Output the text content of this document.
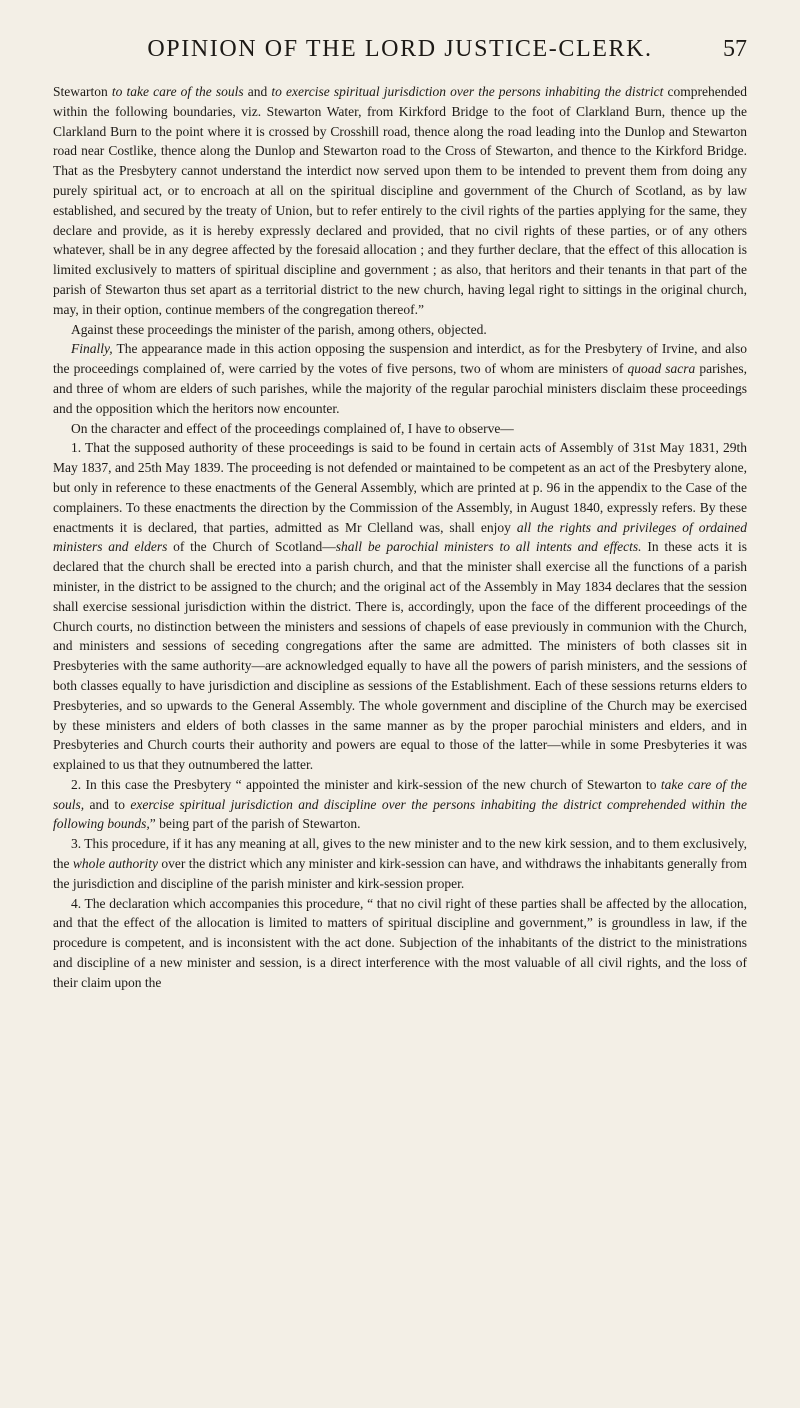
OPINION OF THE LORD JUSTICE-CLERK.	57

Stewarton to take care of the souls and to exercise spiritual jurisdiction over the persons inhabiting the district comprehended within the following boundaries, viz. Stewarton Water, from Kirkford Bridge to the foot of Clarkland Burn, thence up the Clarkland Burn to the point where it is crossed by Crosshill road, thence along the road leading into the Dunlop and Stewarton road near Costlike, thence along the Dunlop and Stewarton road to the Cross of Stewarton, and thence to the Kirkford Bridge. That as the Presbytery cannot understand the interdict now served upon them to be intended to prevent them from doing any purely spiritual act, or to encroach at all on the spiritual discipline and government of the Church of Scotland, as by law established, and secured by the treaty of Union, but to refer entirely to the civil rights of the parties applying for the same, they declare and provide, as it is hereby expressly declared and provided, that no civil rights of these parties, or of any others whatever, shall be in any degree affected by the foresaid allocation ; and they further declare, that the effect of this allocation is limited exclusively to matters of spiritual discipline and government ; as also, that heritors and their tenants in that part of the parish of Stewarton thus set apart as a territorial district to the new church, having legal right to sittings in the original church, may, in their option, continue members of the congregation thereof.”

Against these proceedings the minister of the parish, among others, objected.

Finally, The appearance made in this action opposing the suspension and interdict, as for the Presbytery of Irvine, and also the proceedings complained of, were carried by the votes of five persons, two of whom are ministers of quoad sacra parishes, and three of whom are elders of such parishes, while the majority of the regular parochial ministers disclaim these proceedings and the opposition which the heritors now encounter.

On the character and effect of the proceedings complained of, I have to observe—

1. That the supposed authority of these proceedings is said to be found in certain acts of Assembly of 31st May 1831, 29th May 1837, and 25th May 1839. The proceeding is not defended or maintained to be competent as an act of the Presbytery alone, but only in reference to these enactments of the General Assembly, which are printed at p. 96 in the appendix to the Case of the complainers. To these enactments the direction by the Commission of the Assembly, in August 1840, expressly refers. By these enactments it is declared, that parties, admitted as Mr Clelland was, shall enjoy all the rights and privileges of ordained ministers and elders of the Church of Scotland—shall be parochial ministers to all intents and effects. In these acts it is declared that the church shall be erected into a parish church, and that the minister shall exercise all the functions of a parish minister, in the district to be assigned to the church; and the original act of the Assembly in May 1834 declares that the session shall exercise sessional jurisdiction within the district. There is, accordingly, upon the face of the different proceedings of the Church courts, no distinction between the ministers and sessions of chapels of ease previously in communion with the Church, and ministers and sessions of seceding congregations after the same are admitted. The ministers of both classes sit in Presbyteries with the same authority—are acknowledged equally to have all the powers of parish ministers, and the sessions of both classes equally to have jurisdiction and discipline as sessions of the Establishment. Each of these sessions returns elders to Presbyteries, and so upwards to the General Assembly. The whole government and discipline of the Church may be exercised by these ministers and elders of both classes in the same manner as by the proper parochial ministers and elders, and in Presbyteries and Church courts their authority and powers are equal to those of the latter—while in some Presbyteries it was explained to us that they outnumbered the latter.

2. In this case the Presbytery “ appointed the minister and kirk-session of the new church of Stewarton to take care of the souls, and to exercise spiritual jurisdiction and discipline over the persons inhabiting the district comprehended within the following bounds,” being part of the parish of Stewarton.

3. This procedure, if it has any meaning at all, gives to the new minister and to the new kirk session, and to them exclusively, the whole authority over the district which any minister and kirk-session can have, and withdraws the inhabitants generally from the jurisdiction and discipline of the parish minister and kirk-session proper.

4. The declaration which accompanies this procedure, “ that no civil right of these parties shall be affected by the allocation, and that the effect of the allocation is limited to matters of spiritual discipline and government,” is groundless in law, if the procedure is competent, and is inconsistent with the act done. Subjection of the inhabitants of the district to the ministrations and discipline of a new minister and session, is a direct interference with the most valuable of all civil rights, and the loss of their claim upon the
